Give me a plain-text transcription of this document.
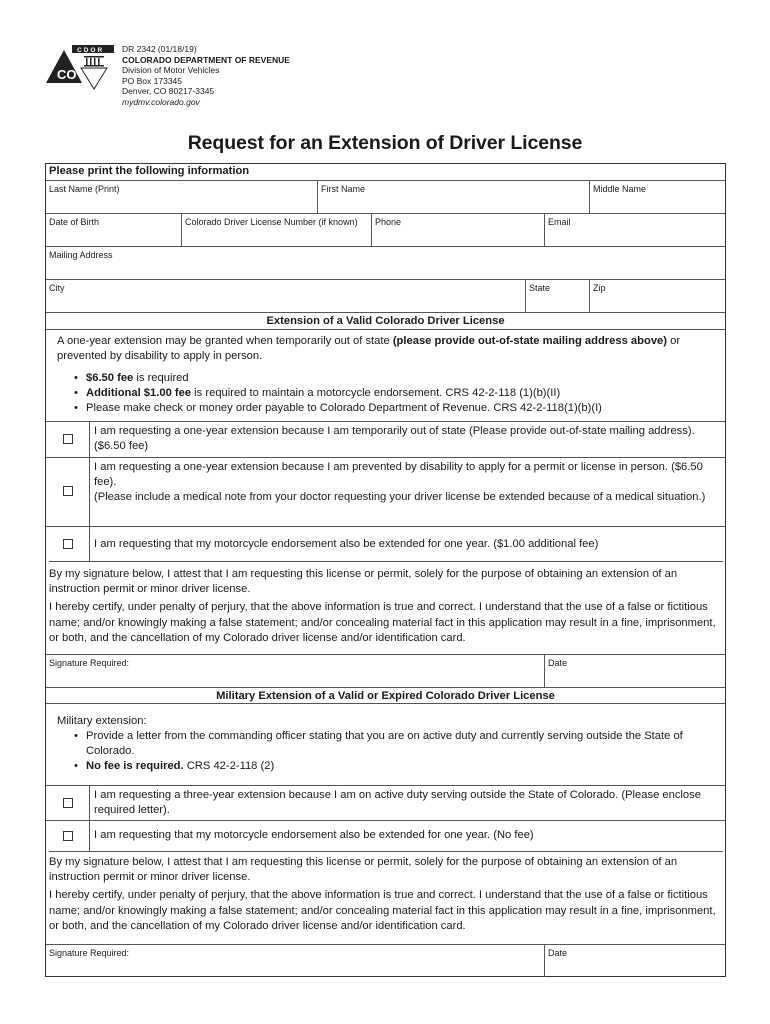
CO
CDOR DR 2342 (01/18/19)
COLORADO DEPARTMENT OF REVENUE
Division of Motor Vehicles
PO Box 173345
Denver, CO 80217-3345
mydmv.colorado.gov
Request for an Extension of Driver License
Please print the following information
Last Name (Print)	First Name	Middle Name
Date of Birth	Colorado Driver License Number (if known)	Phone	Email
Mailing Address
City	State	Zip
Extension of a Valid Colorado Driver License
A one-year extension may be granted when temporarily out of state (please provide out-of-state mailing address above) or prevented by disability to apply in person.
• $6.50 fee is required
• Additional $1.00 fee is required to maintain a motorcycle endorsement. CRS 42-2-118 (1)(b)(II)
• Please make check or money order payable to Colorado Department of Revenue. CRS 42-2-118(1)(b)(I)
I am requesting a one-year extension because I am temporarily out of state (Please provide out-of-state mailing address). ($6.50 fee)
I am requesting a one-year extension because I am prevented by disability to apply for a permit or license in person. ($6.50 fee).
(Please include a medical note from your doctor requesting your driver license be extended because of a medical situation.)
I am requesting that my motorcycle endorsement also be extended for one year. ($1.00 additional fee)
By my signature below, I attest that I am requesting this license or permit, solely for the purpose of obtaining an extension of an instruction permit or minor driver license.
I hereby certify, under penalty of perjury, that the above information is true and correct. I understand that the use of a false or fictitious name; and/or knowingly making a false statement; and/or concealing material fact in this application may result in a fine, imprisonment, or both, and the cancellation of my Colorado driver license and/or identification card.
Signature Required:	Date
Military Extension of a Valid or Expired Colorado Driver License
Military extension:
• Provide a letter from the commanding officer stating that you are on active duty and currently serving outside the State of Colorado.
• No fee is required. CRS 42-2-118 (2)
I am requesting a three-year extension because I am on active duty serving outside the State of Colorado. (Please enclose required letter).
I am requesting that my motorcycle endorsement also be extended for one year. (No fee)
By my signature below, I attest that I am requesting this license or permit, solely for the purpose of obtaining an extension of an instruction permit or minor driver license.
I hereby certify, under penalty of perjury, that the above information is true and correct. I understand that the use of a false or fictitious name; and/or knowingly making a false statement; and/or concealing material fact in this application may result in a fine, imprisonment, or both, and the cancellation of my Colorado driver license and/or identification card.
Signature Required:	Date
